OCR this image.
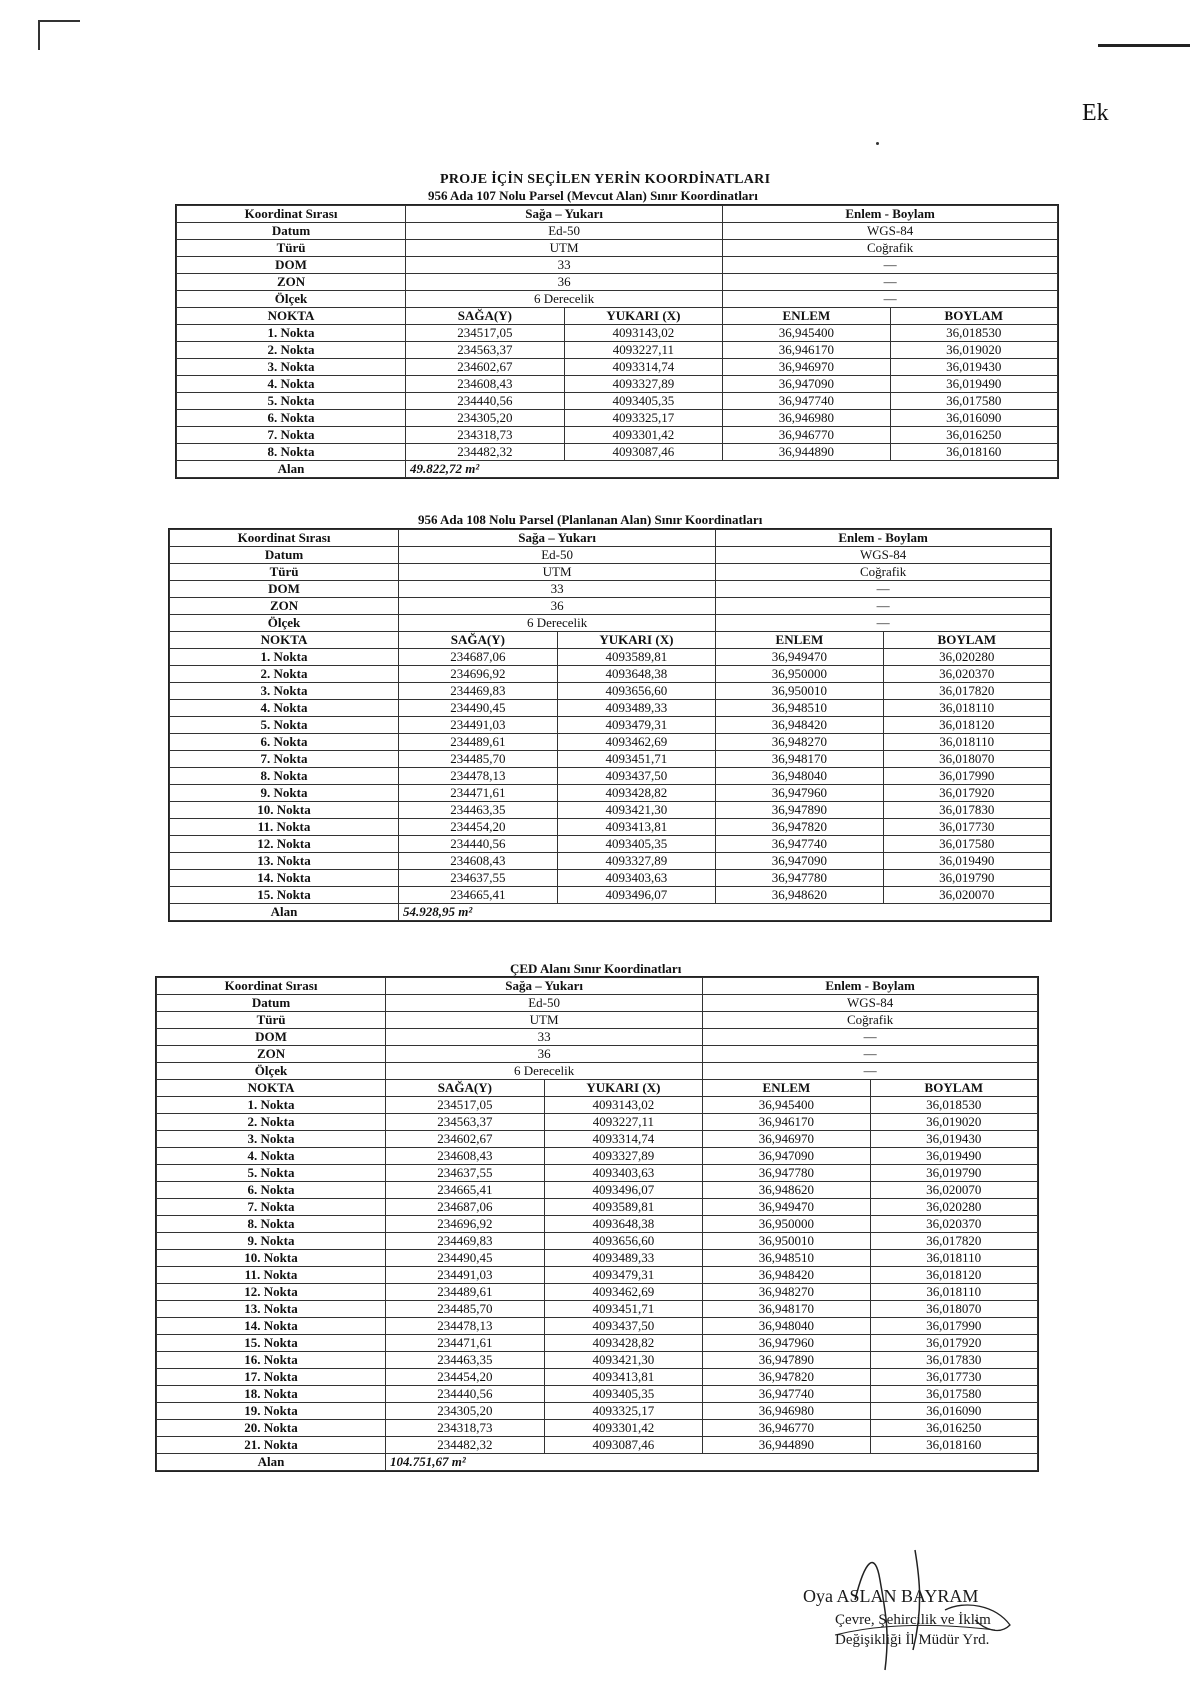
Ek
PROJE İÇİN SEÇİLEN YERİN KOORDİNATLARI
956 Ada 107 Nolu Parsel (Mevcut Alan) Sınır Koordinatları
Koordinat Sırası	Sağa – Yukarı		Enlem - Boylam	
Datum	Ed-50		WGS-84	
Türü	UTM		Coğrafik	
DOM	33		—	
ZON	36		—	
Ölçek	6 Derecelik		—	
NOKTA	SAĞA(Y)	YUKARI (X)	ENLEM	BOYLAM
1. Nokta	234517,05	4093143,02	36,945400	36,018530
2. Nokta	234563,37	4093227,11	36,946170	36,019020
3. Nokta	234602,67	4093314,74	36,946970	36,019430
4. Nokta	234608,43	4093327,89	36,947090	36,019490
5. Nokta	234440,56	4093405,35	36,947740	36,017580
6. Nokta	234305,20	4093325,17	36,946980	36,016090
7. Nokta	234318,73	4093301,42	36,946770	36,016250
8. Nokta	234482,32	4093087,46	36,944890	36,018160
Alan	49.822,72 m²			
956 Ada 108 Nolu Parsel (Planlanan Alan) Sınır Koordinatları
Koordinat Sırası	Sağa – Yukarı		Enlem - Boylam	
Datum	Ed-50		WGS-84	
Türü	UTM		Coğrafik	
DOM	33		—	
ZON	36		—	
Ölçek	6 Derecelik		—	
NOKTA	SAĞA(Y)	YUKARI (X)	ENLEM	BOYLAM
1. Nokta	234687,06	4093589,81	36,949470	36,020280
2. Nokta	234696,92	4093648,38	36,950000	36,020370
3. Nokta	234469,83	4093656,60	36,950010	36,017820
4. Nokta	234490,45	4093489,33	36,948510	36,018110
5. Nokta	234491,03	4093479,31	36,948420	36,018120
6. Nokta	234489,61	4093462,69	36,948270	36,018110
7. Nokta	234485,70	4093451,71	36,948170	36,018070
8. Nokta	234478,13	4093437,50	36,948040	36,017990
9. Nokta	234471,61	4093428,82	36,947960	36,017920
10. Nokta	234463,35	4093421,30	36,947890	36,017830
11. Nokta	234454,20	4093413,81	36,947820	36,017730
12. Nokta	234440,56	4093405,35	36,947740	36,017580
13. Nokta	234608,43	4093327,89	36,947090	36,019490
14. Nokta	234637,55	4093403,63	36,947780	36,019790
15. Nokta	234665,41	4093496,07	36,948620	36,020070
Alan	54.928,95 m²			
ÇED Alanı Sınır Koordinatları
Koordinat Sırası	Sağa – Yukarı		Enlem - Boylam	
Datum	Ed-50		WGS-84	
Türü	UTM		Coğrafik	
DOM	33		—	
ZON	36		—	
Ölçek	6 Derecelik		—	
NOKTA	SAĞA(Y)	YUKARI (X)	ENLEM	BOYLAM
1. Nokta	234517,05	4093143,02	36,945400	36,018530
2. Nokta	234563,37	4093227,11	36,946170	36,019020
3. Nokta	234602,67	4093314,74	36,946970	36,019430
4. Nokta	234608,43	4093327,89	36,947090	36,019490
5. Nokta	234637,55	4093403,63	36,947780	36,019790
6. Nokta	234665,41	4093496,07	36,948620	36,020070
7. Nokta	234687,06	4093589,81	36,949470	36,020280
8. Nokta	234696,92	4093648,38	36,950000	36,020370
9. Nokta	234469,83	4093656,60	36,950010	36,017820
10. Nokta	234490,45	4093489,33	36,948510	36,018110
11. Nokta	234491,03	4093479,31	36,948420	36,018120
12. Nokta	234489,61	4093462,69	36,948270	36,018110
13. Nokta	234485,70	4093451,71	36,948170	36,018070
14. Nokta	234478,13	4093437,50	36,948040	36,017990
15. Nokta	234471,61	4093428,82	36,947960	36,017920
16. Nokta	234463,35	4093421,30	36,947890	36,017830
17. Nokta	234454,20	4093413,81	36,947820	36,017730
18. Nokta	234440,56	4093405,35	36,947740	36,017580
19. Nokta	234305,20	4093325,17	36,946980	36,016090
20. Nokta	234318,73	4093301,42	36,946770	36,016250
21. Nokta	234482,32	4093087,46	36,944890	36,018160
Alan	104.751,67 m²			
Oya ASLAN BAYRAM
Çevre, Şehircilik ve İklim
Değişikliği İl Müdür Yrd.
